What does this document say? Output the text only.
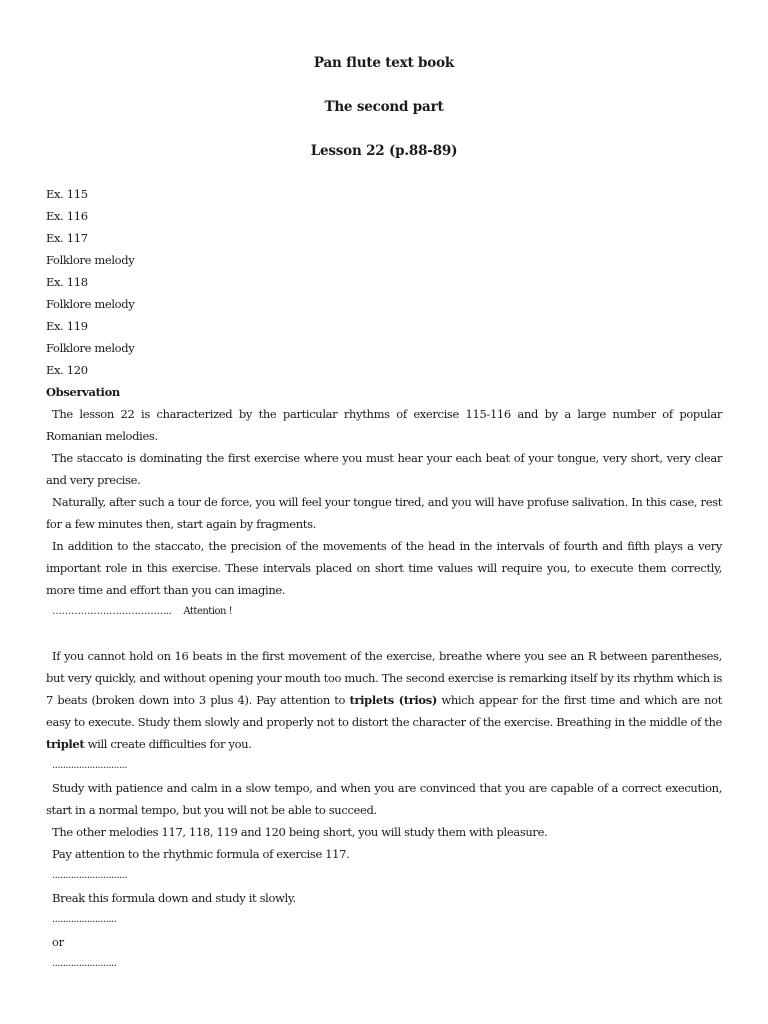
Pan flute text book

The second part

Lesson 22 (p.88-89)

Ex. 115

Ex. 116

Ex. 117

Folklore melody

Ex. 118

Folklore melody

Ex. 119

Folklore melody

Ex. 120

Observation

The lesson 22 is characterized by the particular rhythms of exercise 115-116 and by a large number of popular Romanian melodies.

The staccato is dominating the first exercise where you must hear your each beat of your tongue, very short, very clear and very precise.

Naturally, after such a tour de force, you will feel your tongue tired, and you will have profuse salivation. In this case, rest for a few minutes then, start again by fragments.

In addition to the staccato, the precision of the movements of the head in the intervals of fourth and fifth plays a very important role in this exercise. These intervals placed on short time values will require you, to execute them correctly, more time and effort than you can imagine.

……………………………….. Attention !

If you cannot hold on 16 beats in the first movement of the exercise, breathe where you see an R between parentheses, but very quickly, and without opening your mouth too much. The second exercise is remarking itself by its rhythm which is 7 beats (broken down into 3 plus 4). Pay attention to triplets (trios) which appear for the first time and which are not easy to execute. Study them slowly and properly not to distort the character of the exercise. Breathing in the middle of the triplet will create difficulties for you.

............................

Study with patience and calm in a slow tempo, and when you are convinced that you are capable of a correct execution, start in a normal tempo, but you will not be able to succeed.

The other melodies 117, 118, 119 and 120 being short, you will study them with pleasure.

Pay attention to the rhythmic formula of exercise 117.

............................

Break this formula down and study it slowly.

........................

or

........................
